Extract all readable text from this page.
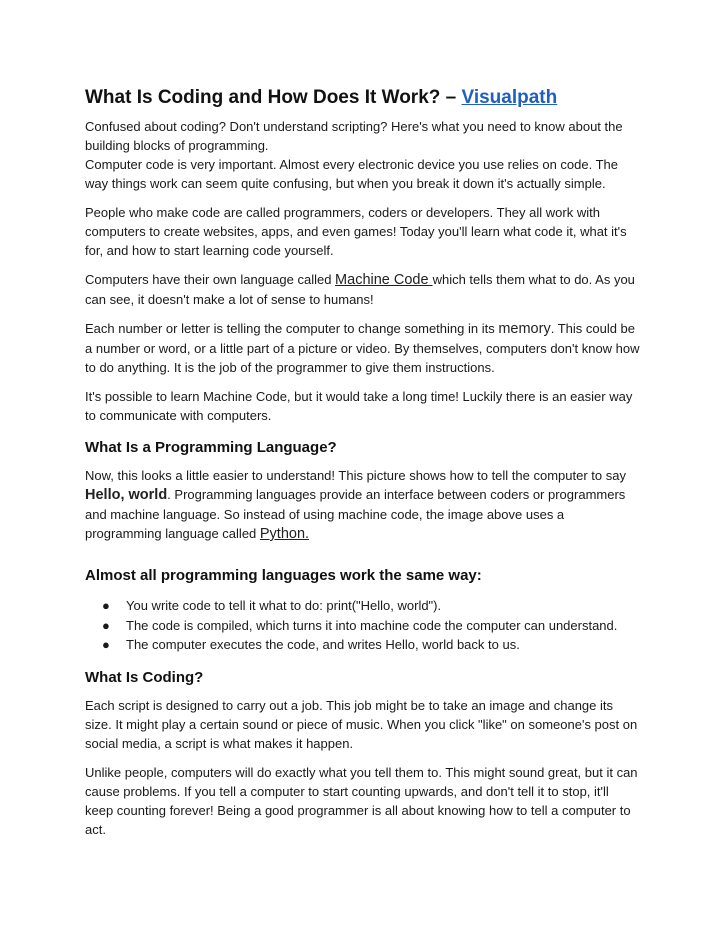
What Is Coding and How Does It Work? – Visualpath

Confused about coding? Don't understand scripting? Here's what you need to know about the building blocks of programming.

Computer code is very important. Almost every electronic device you use relies on code. The way things work can seem quite confusing, but when you break it down it's actually simple.

People who make code are called programmers, coders or developers. They all work with computers to create websites, apps, and even games! Today you'll learn what code it, what it's for, and how to start learning code yourself.

Computers have their own language called Machine Code which tells them what to do. As you can see, it doesn't make a lot of sense to humans!

Each number or letter is telling the computer to change something in its memory. This could be a number or word, or a little part of a picture or video. By themselves, computers don't know how to do anything. It is the job of the programmer to give them instructions.

It's possible to learn Machine Code, but it would take a long time! Luckily there is an easier way to communicate with computers.

What Is a Programming Language?

Now, this looks a little easier to understand! This picture shows how to tell the computer to say Hello, world. Programming languages provide an interface between coders or programmers and machine language. So instead of using machine code, the image above uses a programming language called Python.

Almost all programming languages work the same way:
● You write code to tell it what to do: print("Hello, world").
● The code is compiled, which turns it into machine code the computer can understand.
● The computer executes the code, and writes Hello, world back to us.
What Is Coding?

Each script is designed to carry out a job. This job might be to take an image and change its size. It might play a certain sound or piece of music. When you click "like" on someone's post on social media, a script is what makes it happen.

Unlike people, computers will do exactly what you tell them to. This might sound great, but it can cause problems. If you tell a computer to start counting upwards, and don't tell it to stop, it'll keep counting forever! Being a good programmer is all about knowing how to tell a computer to act.
